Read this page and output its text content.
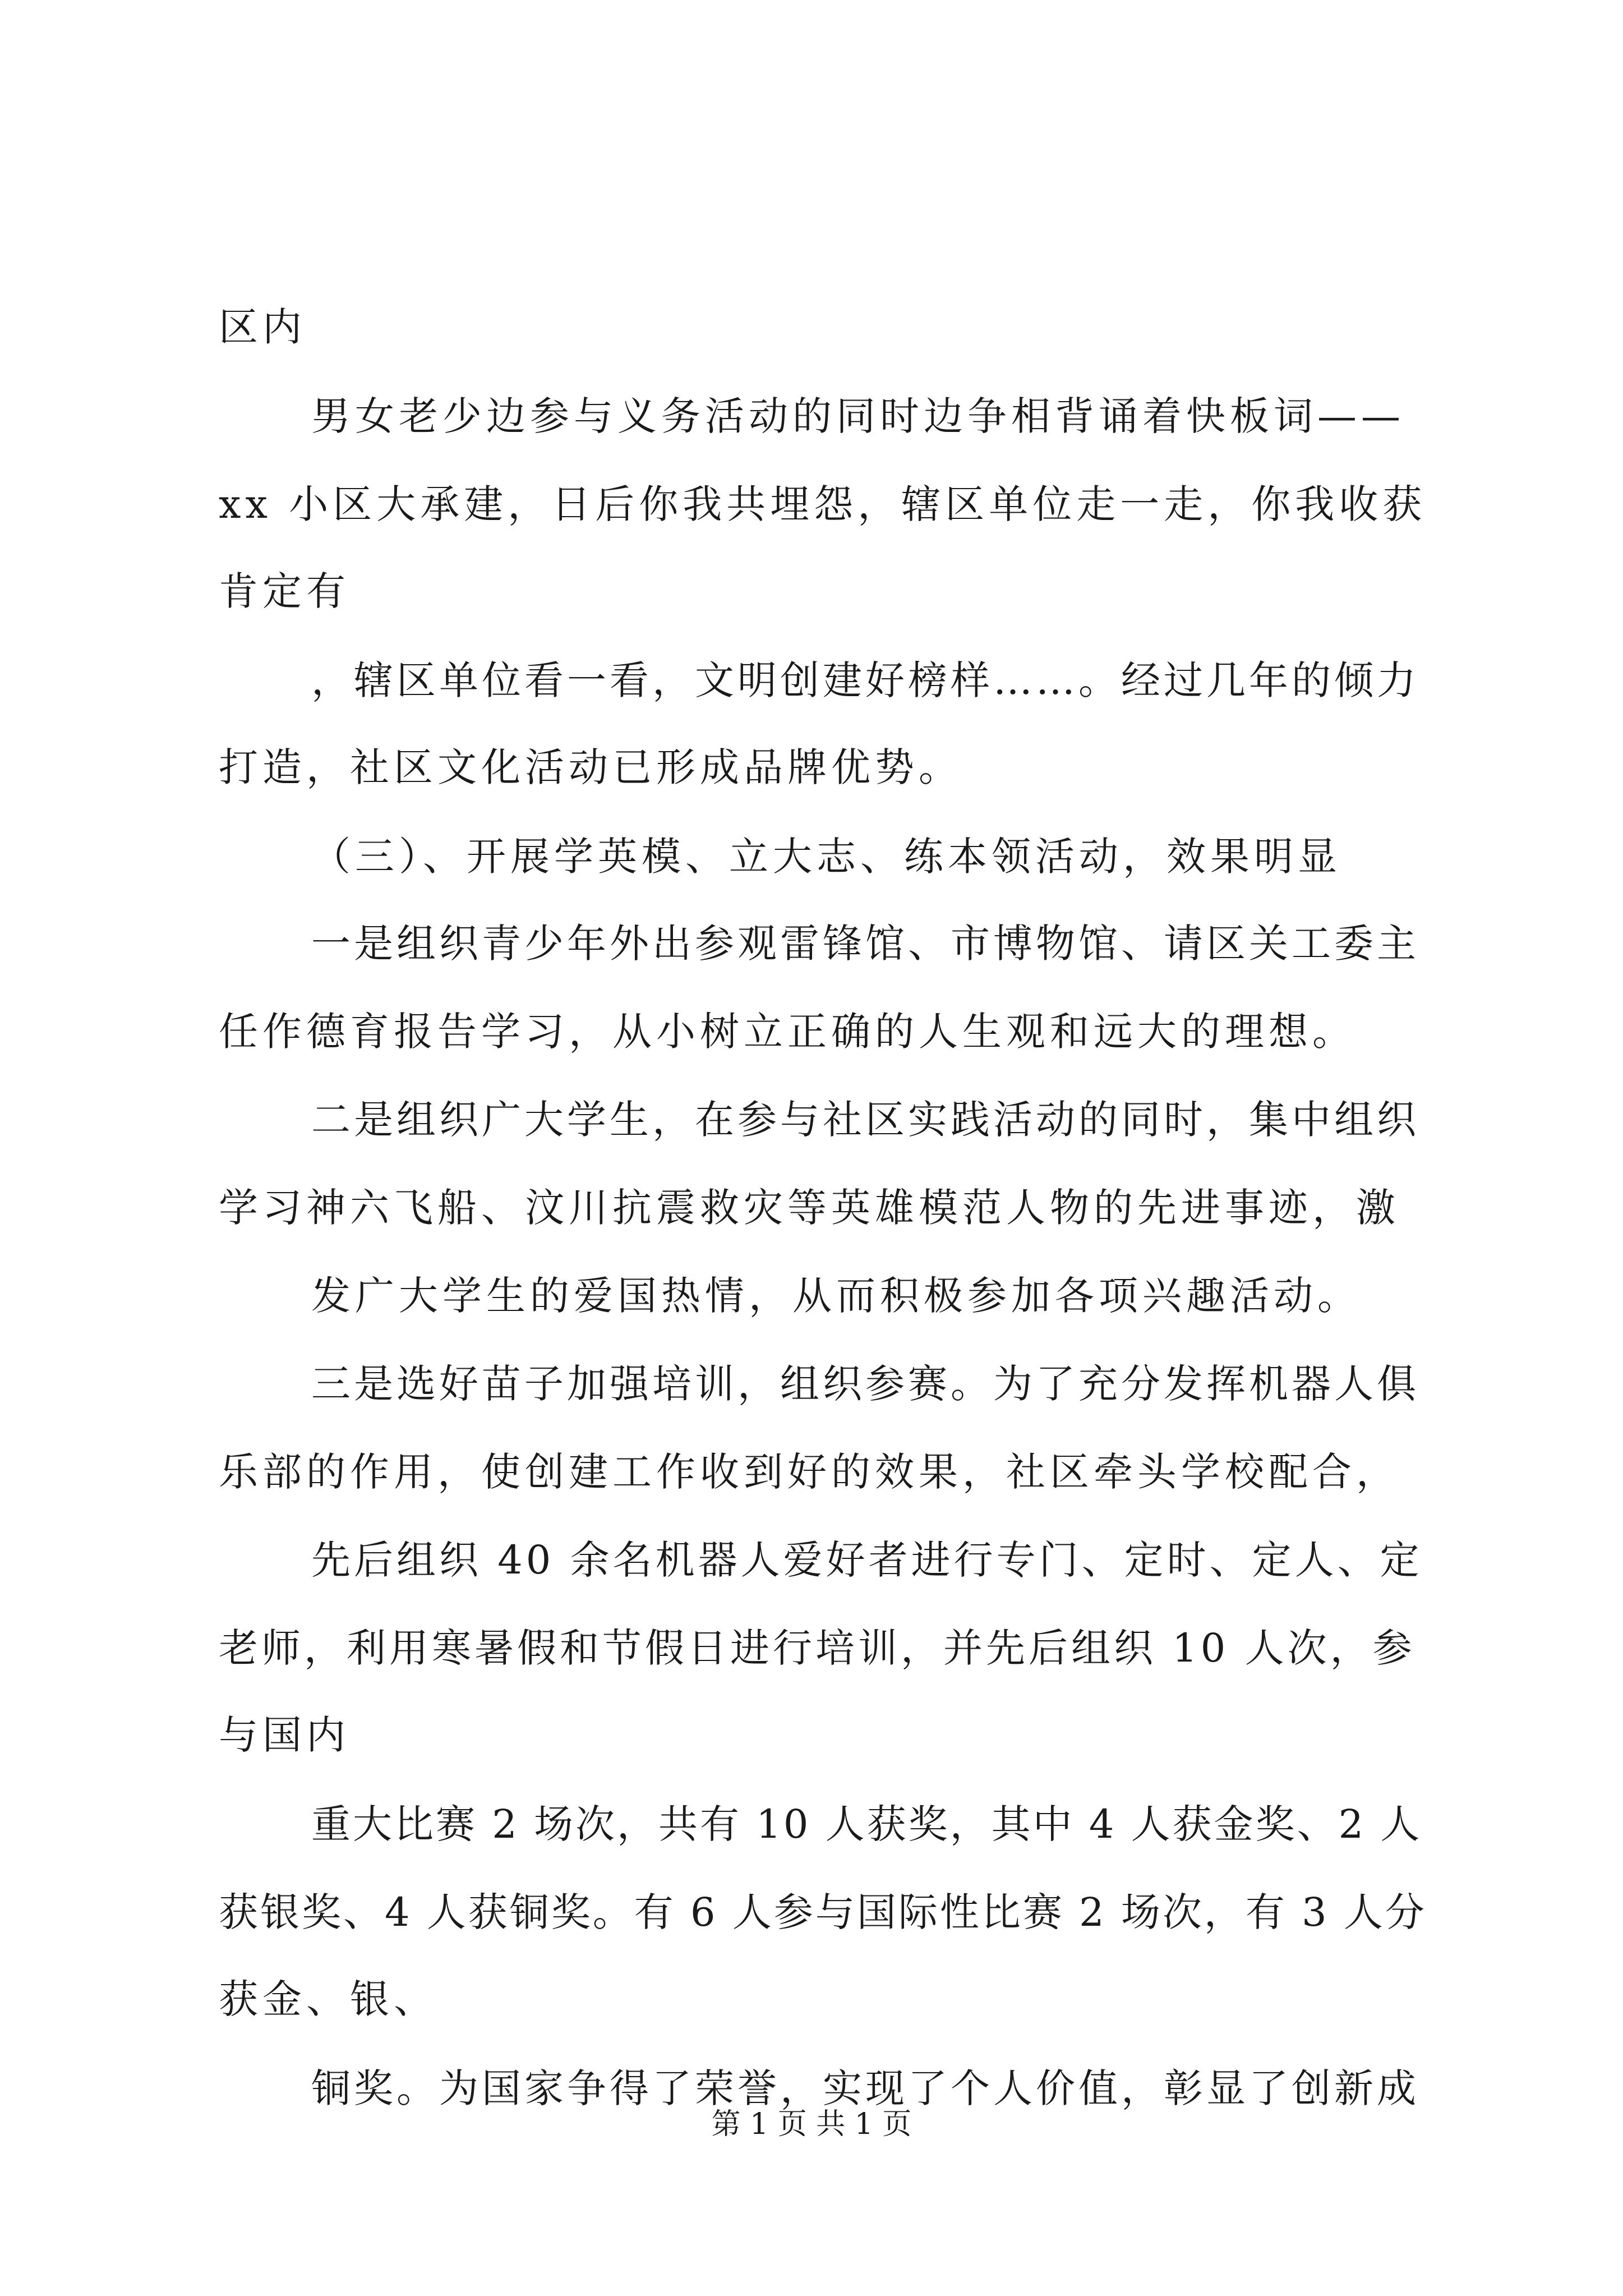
区内
男女老少边参与义务活动的同时边争相背诵着快板词——
xx 小区大承建，日后你我共埋怨，辖区单位走一走，你我收获
肯定有
，辖区单位看一看，文明创建好榜样……。经过几年的倾力
打造，社区文化活动已形成品牌优势。
（三）、开展学英模、立大志、练本领活动，效果明显
一是组织青少年外出参观雷锋馆、市博物馆、请区关工委主
任作德育报告学习，从小树立正确的人生观和远大的理想。
二是组织广大学生，在参与社区实践活动的同时，集中组织
学习神六飞船、汶川抗震救灾等英雄模范人物的先进事迹，激
发广大学生的爱国热情，从而积极参加各项兴趣活动。
三是选好苗子加强培训，组织参赛。为了充分发挥机器人俱
乐部的作用，使创建工作收到好的效果，社区牵头学校配合，
先后组织 40 余名机器人爱好者进行专门、定时、定人、定
老师，利用寒暑假和节假日进行培训，并先后组织 10 人次，参
与国内
重大比赛 2 场次，共有 10 人获奖，其中 4 人获金奖、2 人
获银奖、4 人获铜奖。有 6 人参与国际性比赛 2 场次，有 3 人分
获金、银、
铜奖。为国家争得了荣誉，实现了个人价值，彰显了创新成
第 1 页 共 1 页
